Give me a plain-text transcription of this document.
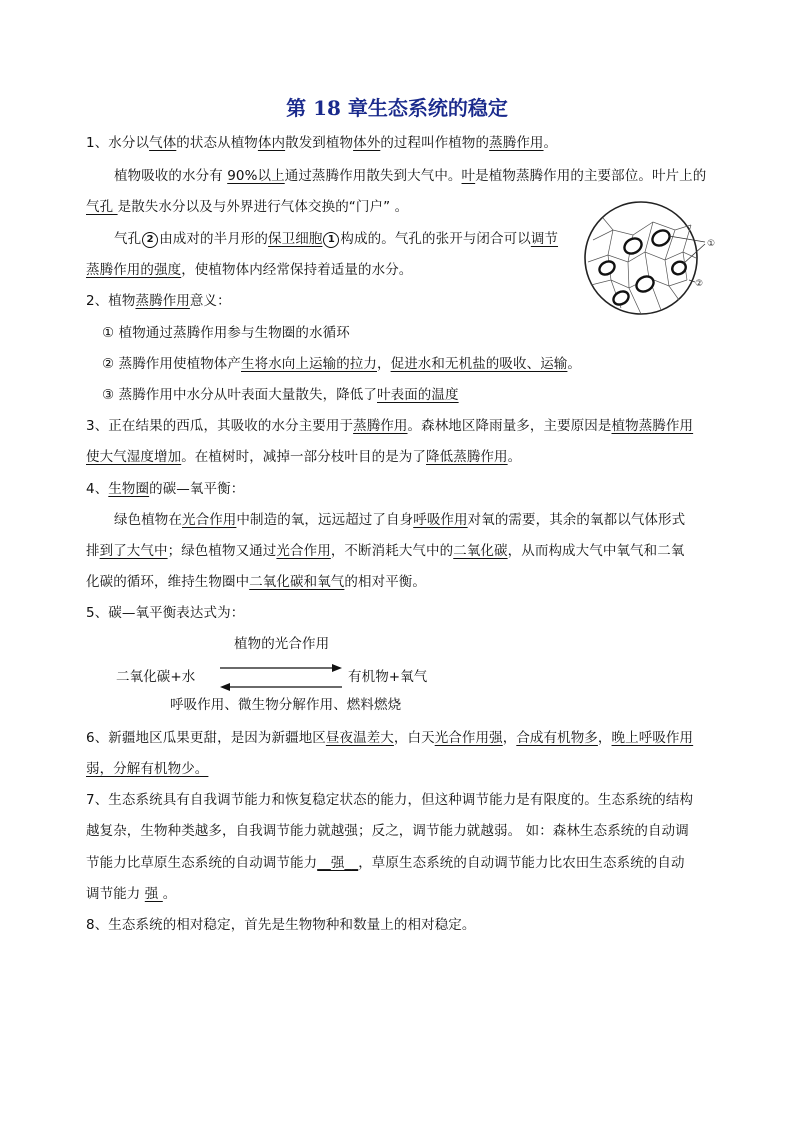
第 18 章生态系统的稳定
1、水分以气体的状态从植物体内散发到植物体外的过程叫作植物的蒸腾作用。
植物吸收的水分有 90%以上通过蒸腾作用散失到大气中。叶是植物蒸腾作用的主要部位。叶片上的
气孔 是散失水分以及与外界进行气体交换的“门户” 。
气孔 2 由成对的半月形的保卫细胞 1 构成的。气孔的张开与闭合可以调节
蒸腾作用的强度，使植物体内经常保持着适量的水分。
①
②
2、植物蒸腾作用意义：
① 植物通过蒸腾作用参与生物圈的水循环
② 蒸腾作用使植物体产生将水向上运输的拉力，促进水和无机盐的吸收、运输。
③ 蒸腾作用中水分从叶表面大量散失，降低了叶表面的温度
3、正在结果的西瓜，其吸收的水分主要用于蒸腾作用。森林地区降雨量多，主要原因是植物蒸腾作用
使大气湿度增加。在植树时，减掉一部分枝叶目的是为了降低蒸腾作用。
4、生物圈的碳—氧平衡：
绿色植物在光合作用中制造的氧，远远超过了自身呼吸作用对氧的需要，其余的氧都以气体形式
排到了大气中；绿色植物又通过光合作用，不断消耗大气中的二氧化碳，从而构成大气中氧气和二氧
化碳的循环，维持生物圈中二氧化碳和氧气的相对平衡。
5、碳—氧平衡表达式为：
植物的光合作用
二氧化碳+水	有机物+氧气
呼吸作用、微生物分解作用、燃料燃烧
6、新疆地区瓜果更甜，是因为新疆地区昼夜温差大，白天光合作用强，合成有机物多，晚上呼吸作用
弱，分解有机物少。
7、生态系统具有自我调节能力和恢复稳定状态的能力，但这种调节能力是有限度的。生态系统的结构
越复杂，生物种类越多，自我调节能力就越强；反之，调节能力就越弱。 如：森林生态系统的自动调
节能力比草原生态系统的自动调节能力__强__，草原生态系统的自动调节能力比农田生态系统的自动
调节能力 强 。
8、生态系统的相对稳定，首先是生物物种和数量上的相对稳定。
